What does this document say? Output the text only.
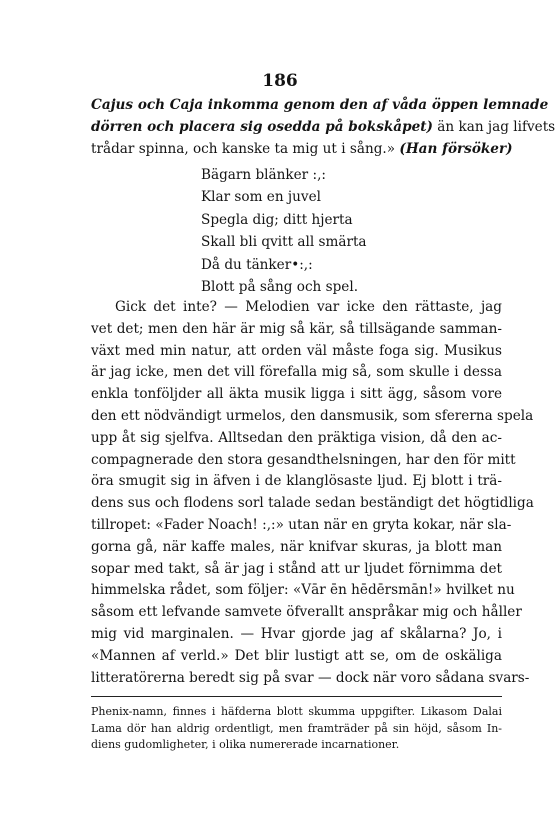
186
Cajus och Caja inkomma genom den af våda öppen lemnade
dörren och placera sig osedda på bokskåpet) än kan jag lifvets
trådar spinna, och kanske ta mig ut i sång.» (Han försöker)
Bägarn blänker :,:
Klar som en juvel
Spegla dig; ditt hjerta
Skall bli qvitt all smärta
Då du tänker•:,:
Blott på sång och spel.
Gick det inte? — Melodien var icke den rättaste, jag
vet det; men den här är mig så kär, så tillsägande samman-
växt med min natur, att orden väl måste foga sig. Musikus
är jag icke, men det vill förefalla mig så, som skulle i dessa
enkla tonföljder all äkta musik ligga i sitt ägg, såsom vore
den ett nödvändigt urmelos, den dansmusik, som sfererna spela
upp åt sig sjelfva. Alltsedan den präktiga vision, då den ac-
compagnerade den stora gesandthelsningen, har den för mitt
öra smugit sig in äfven i de klanglösaste ljud. Ej blott i trä-
dens sus och flodens sorl talade sedan beständigt det högtidliga
tillropet: «Fader Noach! :,:» utan när en gryta kokar, när sla-
gorna gå, när kaffe males, när knifvar skuras, ja blott man
sopar med takt, så är jag i stånd att ur ljudet förnimma det
himmelska rådet, som följer: «Vār ēn hēdērsmān!» hvilket nu
såsom ett lefvande samvete öfverallt anspråkar mig och håller
mig vid marginalen. — Hvar gjorde jag af skålarna? Jo, i
«Mannen af verld.» Det blir lustigt att se, om de oskäliga
litteratörerna beredt sig på svar — dock när voro sådana svars-
Phenix-namn, finnes i häfderna blott skumma uppgifter. Likasom Dalai
Lama dör han aldrig ordentligt, men framträder på sin höjd, såsom In-
diens gudomligheter, i olika numererade incarnationer.
